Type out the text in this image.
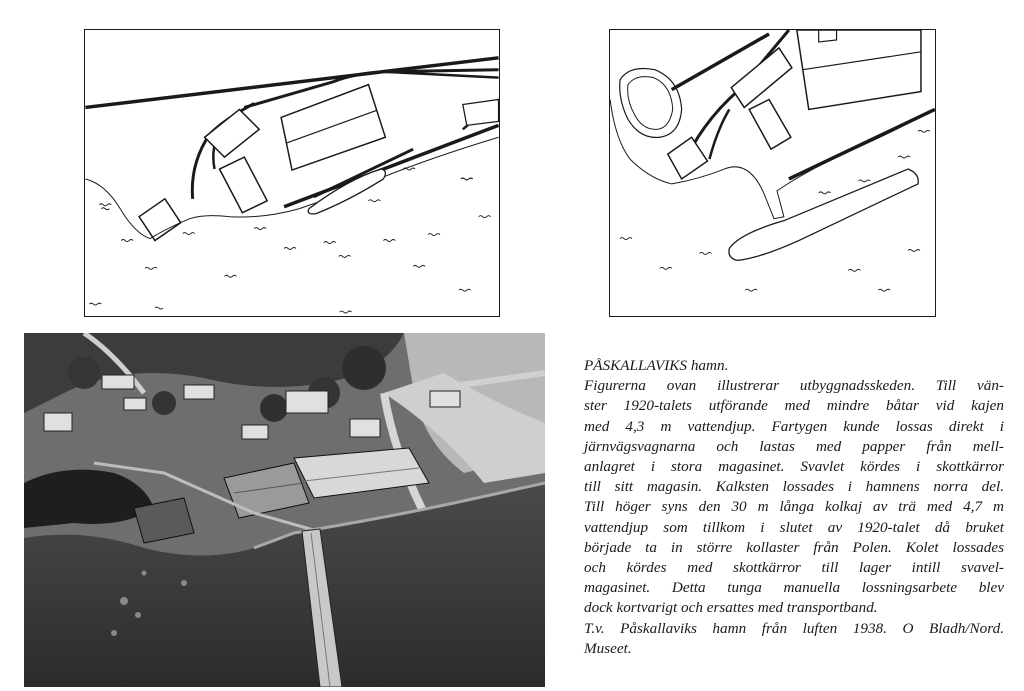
PÅSKALLAVIKS hamn.
Figurerna ovan illustrerar utbyggnadsskeden. Till vän-
ster 1920-talets utförande med mindre båtar vid kajen
med 4,3 m vattendjup. Fartygen kunde lossas direkt i
järnvägsvagnarna och lastas med papper från mell-
anlagret i stora magasinet. Svavlet kördes i skottkärror
till sitt magasin. Kalksten lossades i hamnens norra del.
Till höger syns den 30 m långa kolkaj av trä med 4,7 m
vattendjup som tillkom i slutet av 1920-talet då bruket
började ta in större kollaster från Polen. Kolet lossades
och kördes med skottkärror till lager intill svavel-
magasinet. Detta tunga manuella lossningsarbete blev
dock kortvarigt och ersattes med transportband.
T.v. Påskallaviks hamn från luften 1938. O Bladh/Nord.
Museet.
